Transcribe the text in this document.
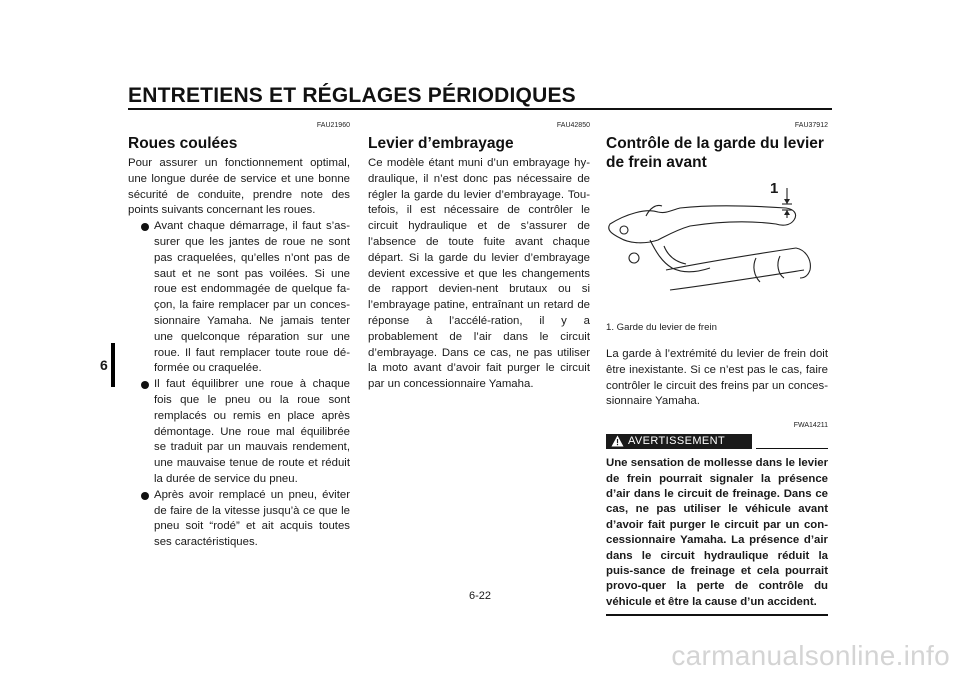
ENTRETIENS ET RÉGLAGES PÉRIODIQUES
6
FAU21960
Roues coulées

Pour assurer un fonctionnement optimal, une longue durée de service et une bonne sécurité de conduite, prendre note des points suivants concernant les roues.

Avant chaque démarrage, il faut s’as-surer que les jantes de roue ne sont pas craquelées, qu’elles n’ont pas de saut et ne sont pas voilées. Si une roue est endommagée de quelque fa-çon, la faire remplacer par un conces-sionnaire Yamaha. Ne jamais tenter une quelconque réparation sur une roue. Il faut remplacer toute roue dé-formée ou craquelée.
Il faut équilibrer une roue à chaque fois que le pneu ou la roue sont remplacés ou remis en place après démontage. Une roue mal équilibrée se traduit par un mauvais rendement, une mauvaise tenue de route et réduit la durée de service du pneu.
Après avoir remplacé un pneu, éviter de faire de la vitesse jusqu’à ce que le pneu soit “rodé” et ait acquis toutes ses caractéristiques.
FAU42850
Levier d’embrayage

Ce modèle étant muni d’un embrayage hy-draulique, il n’est donc pas nécessaire de régler la garde du levier d’embrayage. Tou-tefois, il est nécessaire de contrôler le circuit hydraulique et de s’assurer de l’absence de toute fuite avant chaque départ. Si la garde du levier d’embrayage devient excessive et que les changements de rapport devien-nent brutaux ou si l’embrayage patine, entraînant un retard de réponse à l’accélé-ration, il y a probablement de l’air dans le circuit d’embrayage. Dans ce cas, ne pas utiliser la moto avant d’avoir fait purger le circuit par un concessionnaire Yamaha.

FAU37912
Contrôle de la garde du levier de frein avant
1
1. Garde du levier de frein

La garde à l’extrémité du levier de frein doit être inexistante. Si ce n’est pas le cas, faire contrôler le circuit des freins par un conces-sionnaire Yamaha.

FWA14211
AVERTISSEMENT
Une sensation de mollesse dans le levier de frein pourrait signaler la présence d’air dans le circuit de freinage. Dans ce cas, ne pas utiliser le véhicule avant d’avoir fait purger le circuit par un con-cessionnaire Yamaha. La présence d’air dans le circuit hydraulique réduit la puis-sance de freinage et cela pourrait provo-quer la perte de contrôle du véhicule et être la cause d’un accident.
6-22
carmanualsonline.info
